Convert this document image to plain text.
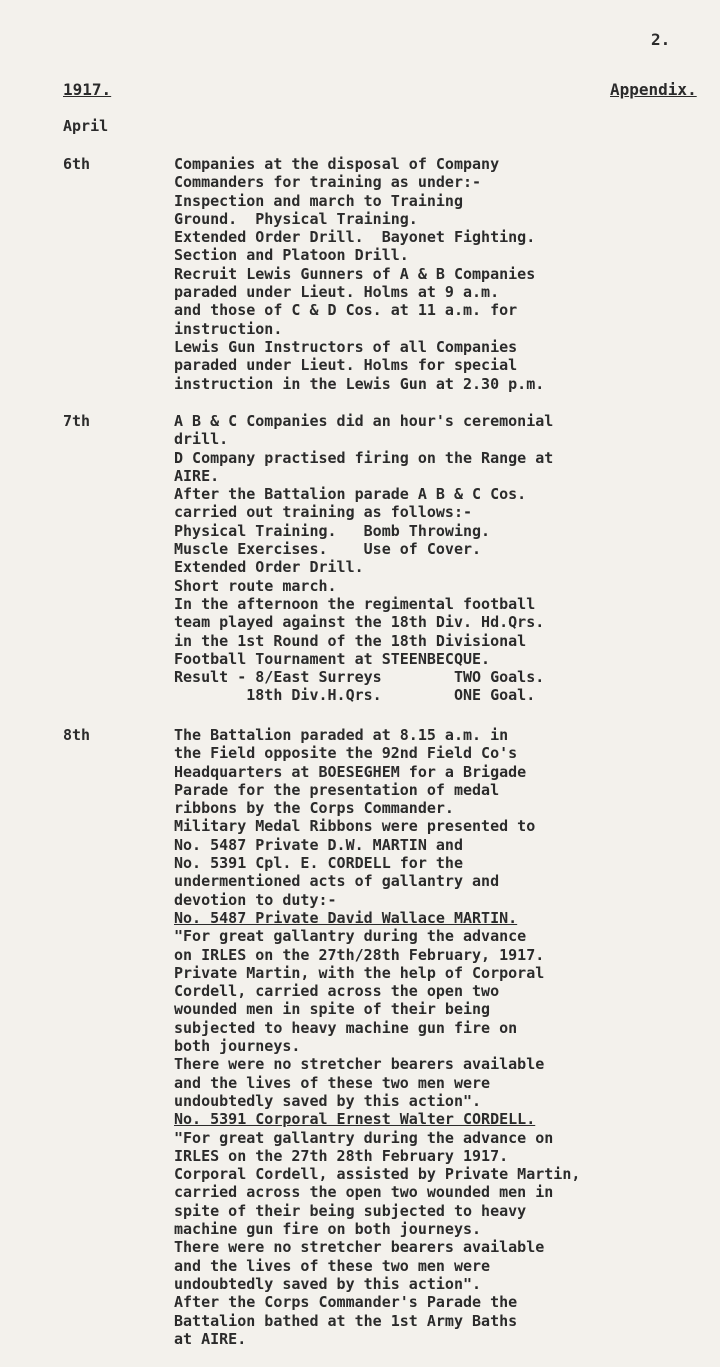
2.
1917.	Appendix.
April
6th	Companies at the disposal of Company
Commanders for training as under:-
Inspection and march to Training
Ground.  Physical Training.
Extended Order Drill.  Bayonet Fighting.
Section and Platoon Drill.
Recruit Lewis Gunners of A & B Companies
paraded under Lieut. Holms at 9 a.m.
and those of C & D Cos. at 11 a.m. for
instruction.
Lewis Gun Instructors of all Companies
paraded under Lieut. Holms for special
instruction in the Lewis Gun at 2.30 p.m.
7th	A B & C Companies did an hour's ceremonial
drill.
D Company practised firing on the Range at
AIRE.
After the Battalion parade A B & C Cos.
carried out training as follows:-
Physical Training.   Bomb Throwing.
Muscle Exercises.    Use of Cover.
Extended Order Drill.
Short route march.
In the afternoon the regimental football
team played against the 18th Div. Hd.Qrs.
in the 1st Round of the 18th Divisional
Football Tournament at STEENBECQUE.
Result - 8/East Surreys        TWO Goals.
18th Div.H.Qrs.        ONE Goal.
8th	The Battalion paraded at 8.15 a.m. in
the Field opposite the 92nd Field Co's
Headquarters at BOESEGHEM for a Brigade
Parade for the presentation of medal
ribbons by the Corps Commander.
Military Medal Ribbons were presented to
No. 5487 Private D.W. MARTIN and
No. 5391 Cpl. E. CORDELL for the
undermentioned acts of gallantry and
devotion to duty:-
No. 5487 Private David Wallace MARTIN.
"For great gallantry during the advance
on IRLES on the 27th/28th February, 1917.
Private Martin, with the help of Corporal
Cordell, carried across the open two
wounded men in spite of their being
subjected to heavy machine gun fire on
both journeys.
There were no stretcher bearers available
and the lives of these two men were
undoubtedly saved by this action".
No. 5391 Corporal Ernest Walter CORDELL.
"For great gallantry during the advance on
IRLES on the 27th 28th February 1917.
Corporal Cordell, assisted by Private Martin,
carried across the open two wounded men in
spite of their being subjected to heavy
machine gun fire on both journeys.
There were no stretcher bearers available
and the lives of these two men were
undoubtedly saved by this action".
After the Corps Commander's Parade the
Battalion bathed at the 1st Army Baths
at AIRE.
